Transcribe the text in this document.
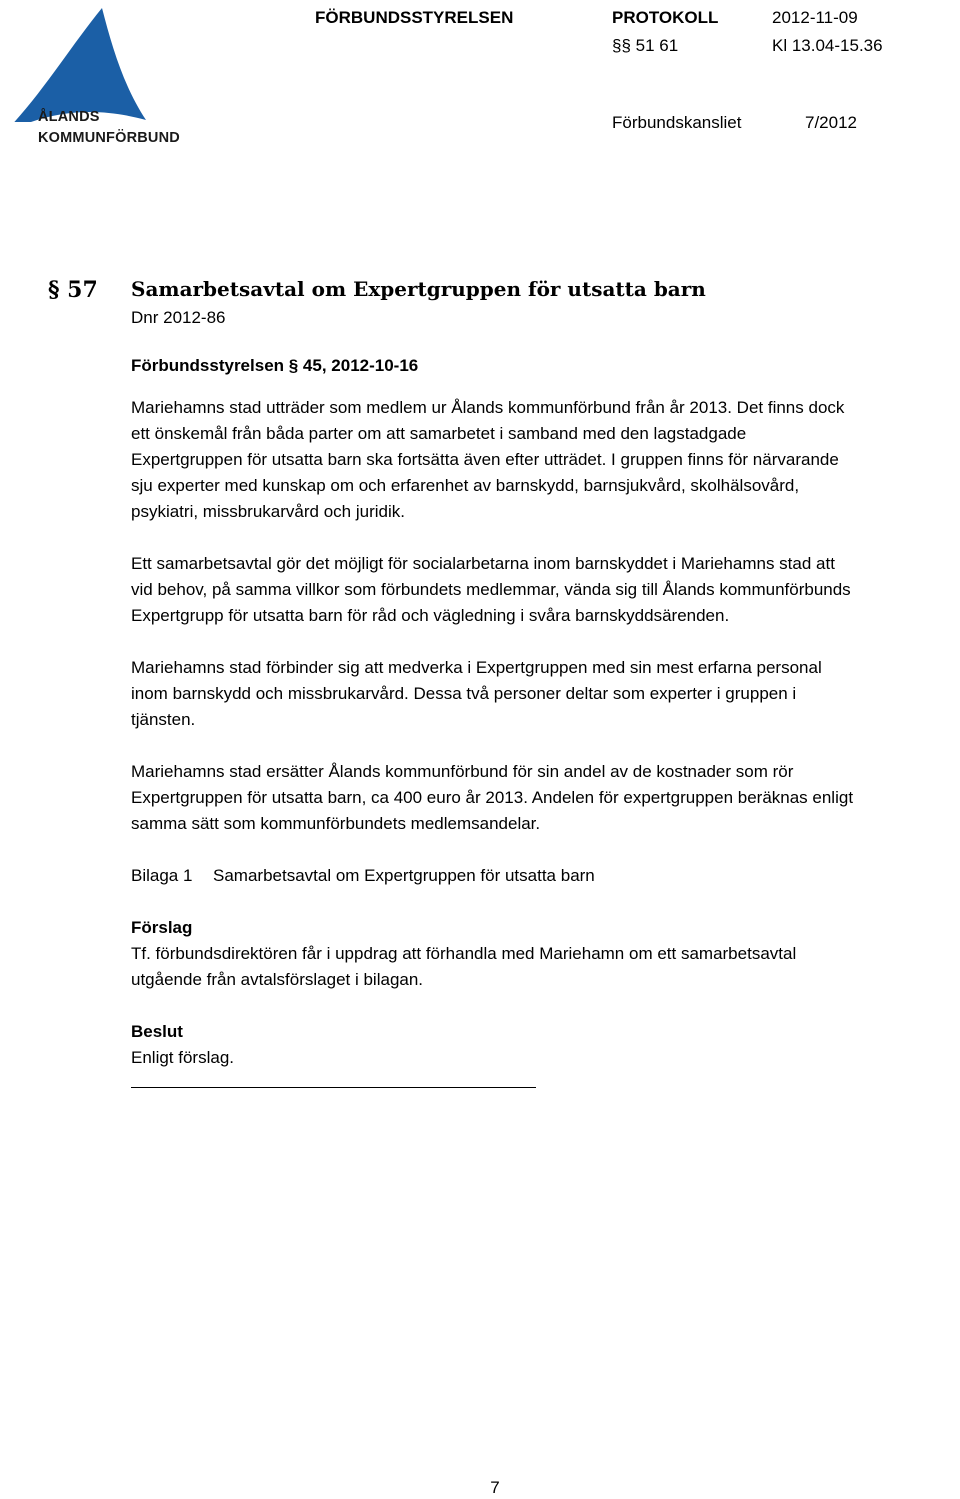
ÅLANDS
KOMMUNFÖRBUND
FÖRBUNDSSTYRELSEN	PROTOKOLL	2012-11-09
§§ 51 61	Kl 13.04-15.36
Förbundskansliet	7/2012
§ 57 Samarbetsavtal om Expertgruppen för utsatta barn

Dnr 2012-86

Förbundsstyrelsen § 45, 2012-10-16

Mariehamns stad utträder som medlem ur Ålands kommunförbund från år 2013. Det finns dock ett önskemål från båda parter om att samarbetet i samband med den lagstadgade Expertgruppen för utsatta barn ska fortsätta även efter utträdet. I gruppen finns för närvarande sju experter med kunskap om och erfarenhet av barnskydd, barnsjukvård, skolhälsovård, psykiatri, missbrukarvård och juridik.

Ett samarbetsavtal gör det möjligt för socialarbetarna inom barnskyddet i Mariehamns stad att vid behov, på samma villkor som förbundets medlemmar, vända sig till Ålands kommunförbunds Expertgrupp för utsatta barn för råd och vägledning i svåra barnskyddsärenden.

Mariehamns stad förbinder sig att medverka i Expertgruppen med sin mest erfarna personal inom barnskydd och missbrukarvård. Dessa två personer deltar som experter i gruppen i tjänsten.

Mariehamns stad ersätter Ålands kommunförbund för sin andel av de kostnader som rör Expertgruppen för utsatta barn, ca 400 euro år 2013. Andelen för expertgruppen beräknas enligt samma sätt som kommunförbundets medlemsandelar.

Bilaga 1 Samarbetsavtal om Expertgruppen för utsatta barn

Förslag

Tf. förbundsdirektören får i uppdrag att förhandla med Mariehamn om ett samarbetsavtal utgående från avtalsförslaget i bilagan.

Beslut

Enligt förslag.

7
